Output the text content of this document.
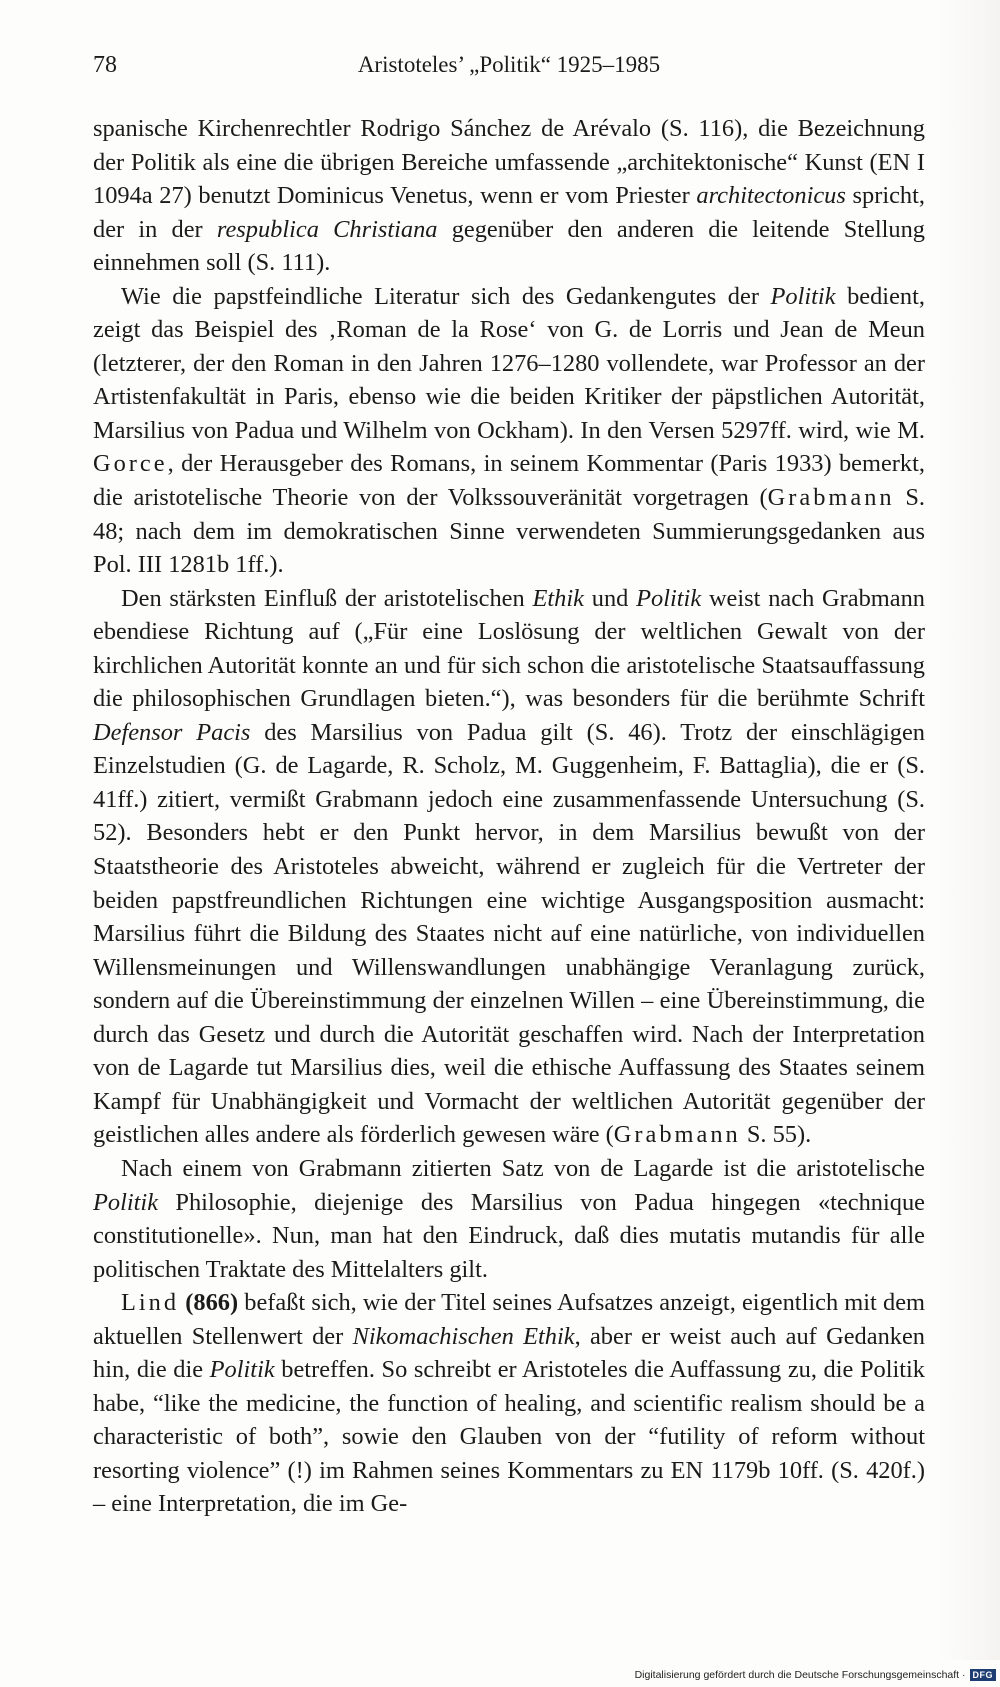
78	Aristoteles’ „Politik“ 1925–1985

spanische Kirchenrechtler Rodrigo Sánchez de Arévalo (S. 116), die Bezeichnung der Politik als eine die übrigen Bereiche umfassende „architektonische“ Kunst (EN I 1094a 27) benutzt Dominicus Venetus, wenn er vom Priester architectonicus spricht, der in der respublica Christiana gegenüber den anderen die leitende Stellung einnehmen soll (S. 111).

Wie die papstfeindliche Literatur sich des Gedankengutes der Politik bedient, zeigt das Beispiel des ‚Roman de la Rose‘ von G. de Lorris und Jean de Meun (letzterer, der den Roman in den Jahren 1276–1280 vollendete, war Professor an der Artistenfakultät in Paris, ebenso wie die beiden Kritiker der päpstlichen Autorität, Marsilius von Padua und Wilhelm von Ockham). In den Versen 5297ff. wird, wie M. Gorce, der Herausgeber des Romans, in seinem Kommentar (Paris 1933) bemerkt, die aristotelische Theorie von der Volkssouveränität vorgetragen (Grabmann S. 48; nach dem im demokratischen Sinne verwendeten Summierungsgedanken aus Pol. III 1281b 1ff.).

Den stärksten Einfluß der aristotelischen Ethik und Politik weist nach Grabmann ebendiese Richtung auf („Für eine Loslösung der weltlichen Gewalt von der kirchlichen Autorität konnte an und für sich schon die aristotelische Staatsauffassung die philosophischen Grundlagen bieten.“), was besonders für die berühmte Schrift Defensor Pacis des Marsilius von Padua gilt (S. 46). Trotz der einschlägigen Einzelstudien (G. de Lagarde, R. Scholz, M. Guggenheim, F. Battaglia), die er (S. 41ff.) zitiert, vermißt Grabmann jedoch eine zusammenfassende Untersuchung (S. 52). Besonders hebt er den Punkt hervor, in dem Marsilius bewußt von der Staatstheorie des Aristoteles abweicht, während er zugleich für die Vertreter der beiden papstfreundlichen Richtungen eine wichtige Ausgangsposition ausmacht: Marsilius führt die Bildung des Staates nicht auf eine natürliche, von individuellen Willensmeinungen und Willenswandlungen unabhängige Veranlagung zurück, sondern auf die Übereinstimmung der einzelnen Willen – eine Übereinstimmung, die durch das Gesetz und durch die Autorität geschaffen wird. Nach der Interpretation von de Lagarde tut Marsilius dies, weil die ethische Auffassung des Staates seinem Kampf für Unabhängigkeit und Vormacht der weltlichen Autorität gegenüber der geistlichen alles andere als förderlich gewesen wäre (Grabmann S. 55).

Nach einem von Grabmann zitierten Satz von de Lagarde ist die aristotelische Politik Philosophie, diejenige des Marsilius von Padua hingegen «technique constitutionelle». Nun, man hat den Eindruck, daß dies mutatis mutandis für alle politischen Traktate des Mittelalters gilt.

Lind (866) befaßt sich, wie der Titel seines Aufsatzes anzeigt, eigentlich mit dem aktuellen Stellenwert der Nikomachischen Ethik, aber er weist auch auf Gedanken hin, die die Politik betreffen. So schreibt er Aristoteles die Auffassung zu, die Politik habe, “like the medicine, the function of healing, and scientific realism should be a characteristic of both”, sowie den Glauben von der “futility of reform without resorting violence” (!) im Rahmen seines Kommentars zu EN 1179b 10ff. (S. 420f.) – eine Interpretation, die im Ge-

Digitalisierung gefördert durch die Deutsche Forschungsgemeinschaft · DFG
